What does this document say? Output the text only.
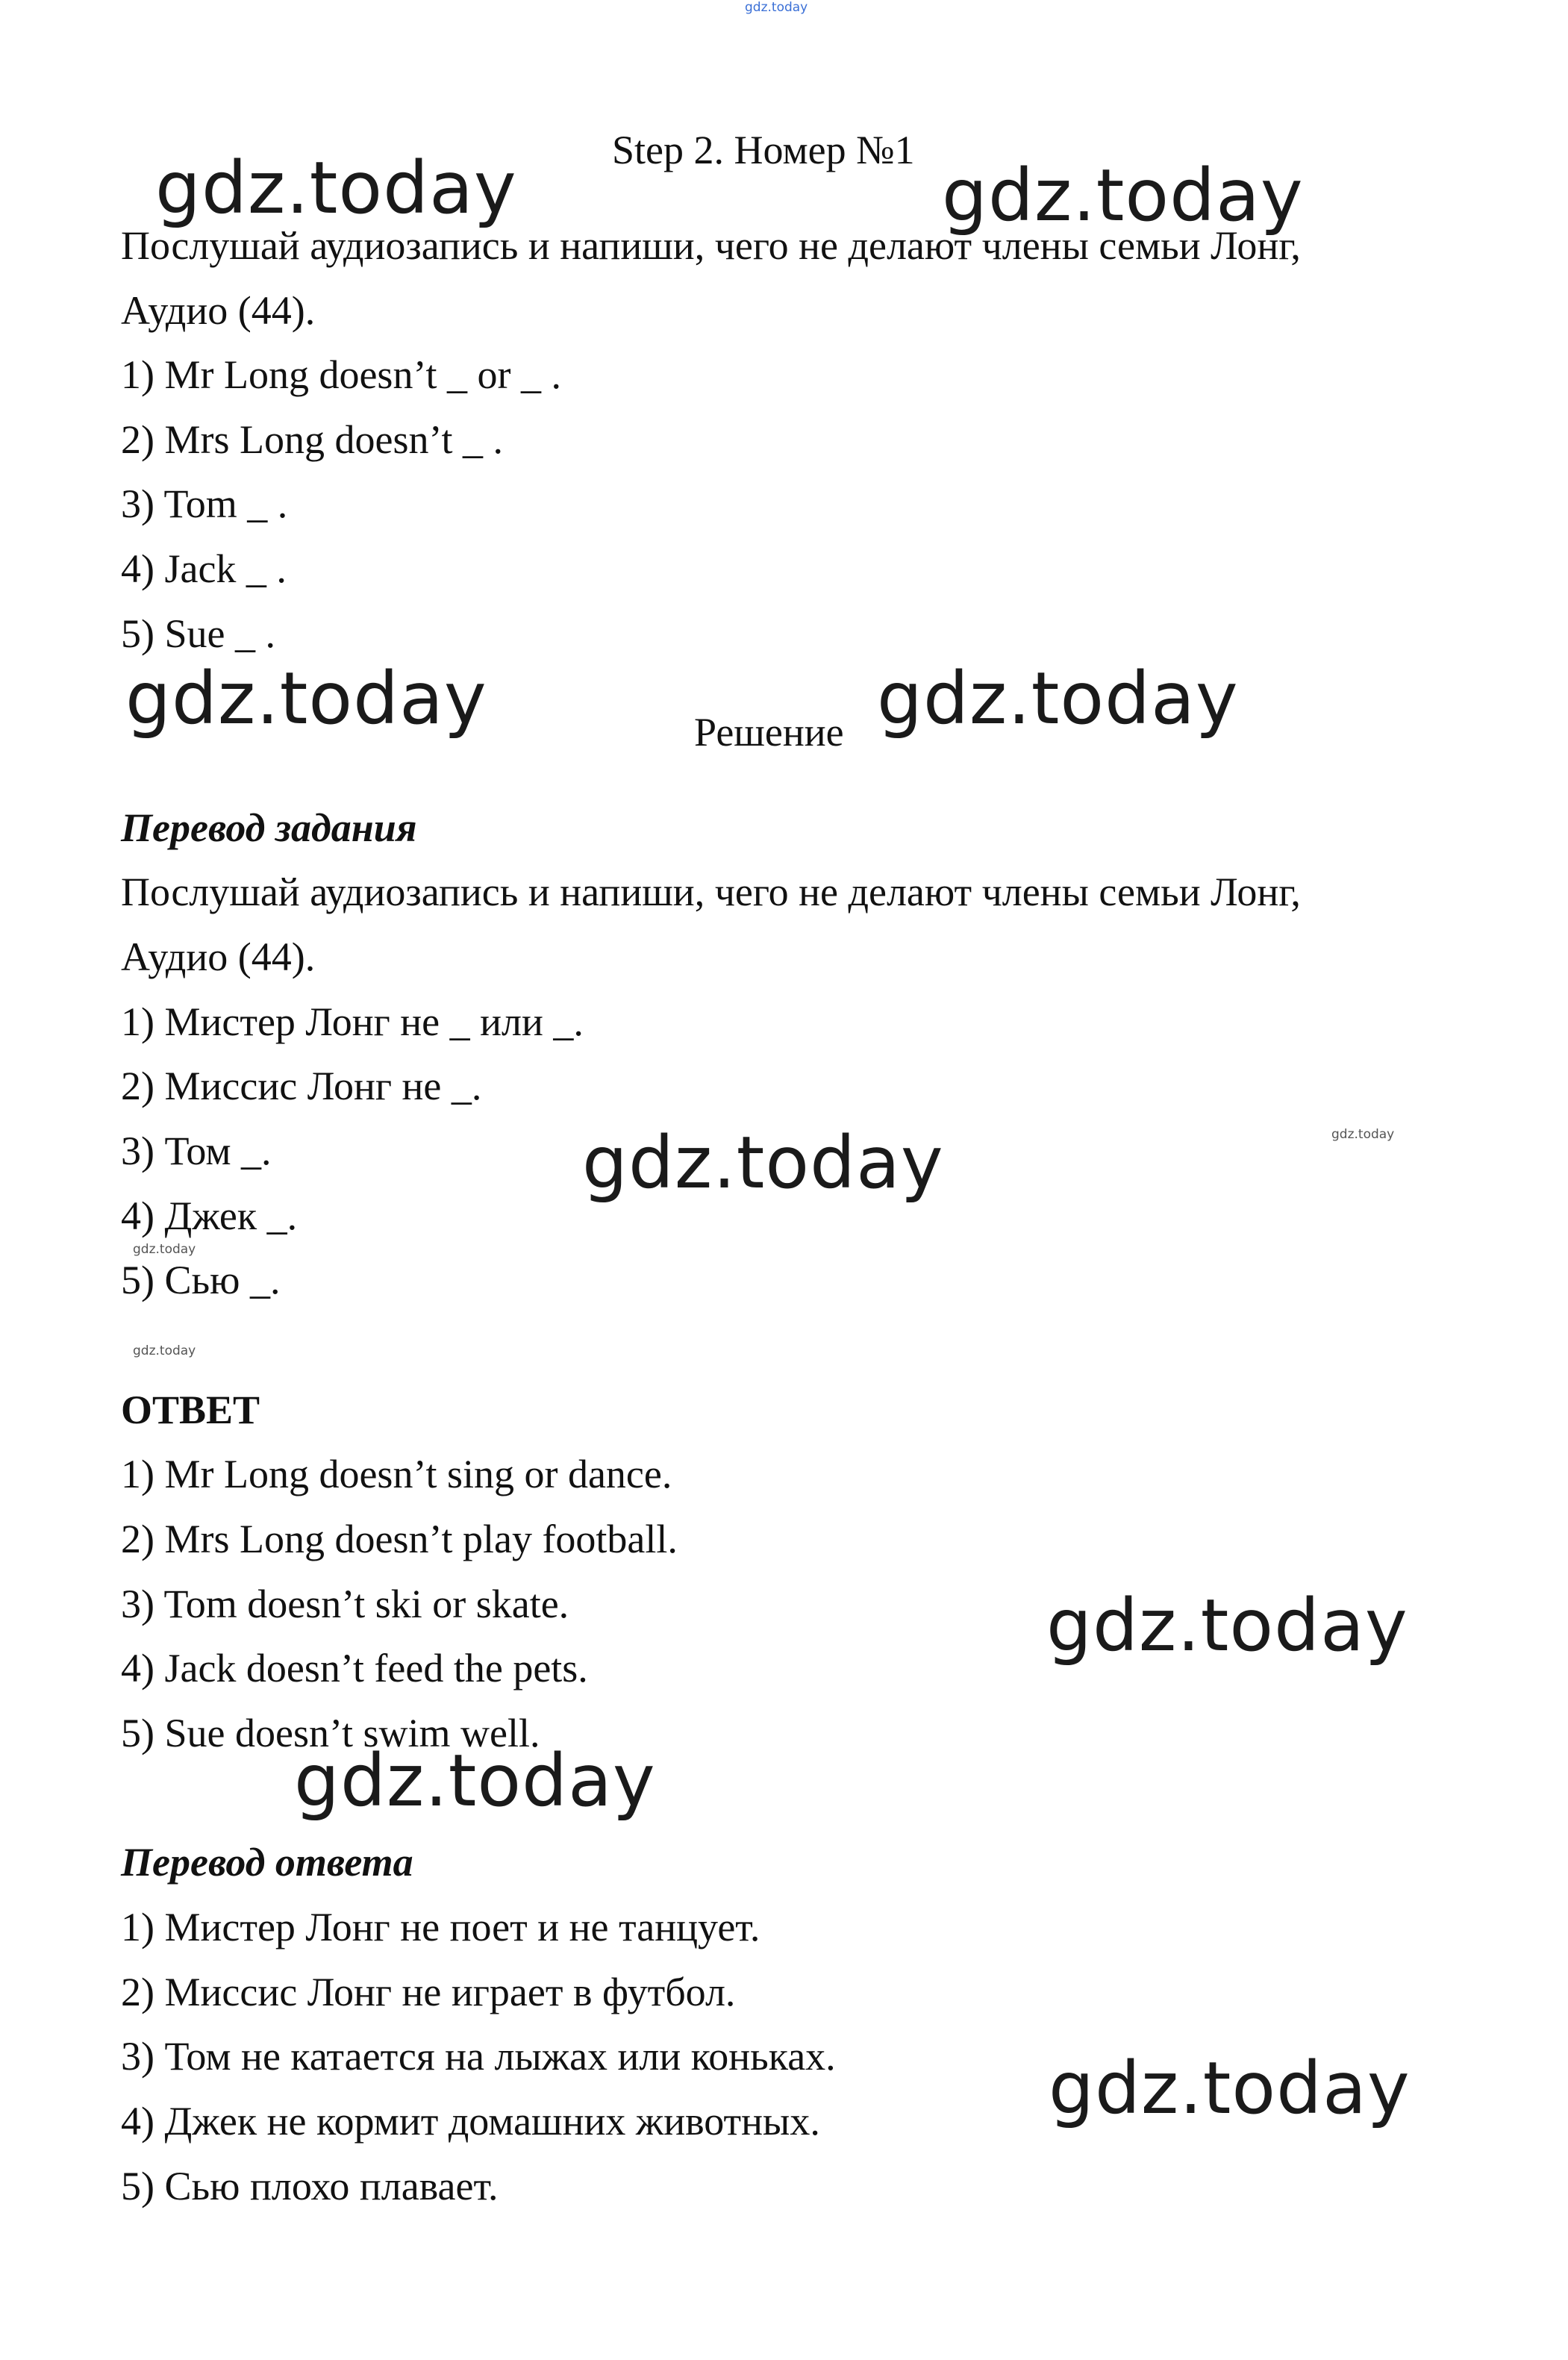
gdz.today
Step 2. Номер №1
Послушай аудиозапись и напиши, чего не делают члены семьи Лонг,
Аудио (44).
1) Mr Long doesn’t _ or _ .
2) Mrs Long doesn’t _ .
3) Tom _ .
4) Jack _ .
5) Sue _ .
Решение
Перевод задания
Послушай аудиозапись и напиши, чего не делают члены семьи Лонг,
Аудио (44).
1) Мистер Лонг не _ или _.
2) Миссис Лонг не _.
3) Том _.
4) Джек _.
5) Сью _.
ОТВЕТ
1) Mr Long doesn’t sing or dance.
2) Mrs Long doesn’t play football.
3) Tom doesn’t ski or skate.
4) Jack doesn’t feed the pets.
5) Sue doesn’t swim well.
Перевод ответа
1) Мистер Лонг не поет и не танцует.
2) Миссис Лонг не играет в футбол.
3) Том не катается на лыжах или коньках.
4) Джек не кормит домашних животных.
5) Сью плохо плавает.
gdz.today	gdz.today
gdz.today	gdz.today
gdz.today
gdz.today
gdz.today
gdz.today
gdz.today
gdz.today
gdz.today
